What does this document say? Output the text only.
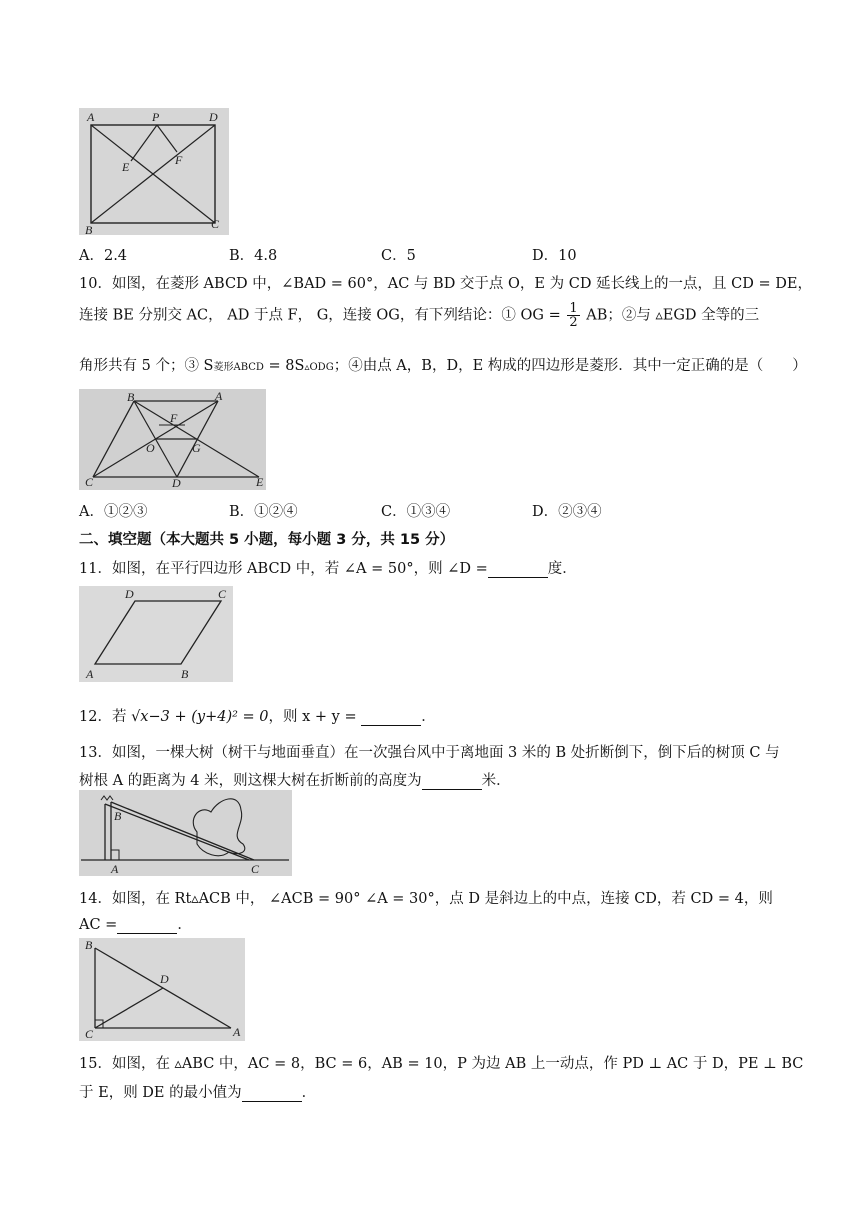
A	P	D
E	F
B	C
A．2.4	B．4.8	C．5	D．10
10．如图，在菱形 ABCD 中，∠BAD = 60°，AC 与 BD 交于点 O，E 为 CD 延长线上的一点，且 CD = DE，
连接 BE 分别交 AC， AD 于点 F， G，连接 OG，有下列结论：① OG = $\frac{1}{2}$ AB；②与 ▵EGD 全等的三
角形共有 5 个；③ S菱形ABCD = 8S▵ODG；④由点 A，B，D，E 构成的四边形是菱形．其中一定正确的是（　　）
B	A
F
O	G
C	D	E
A．①②③	B．①②④	C．①③④	D．②③④
二、填空题（本大题共 5 小题，每小题 3 分，共 15 分）
11．如图，在平行四边形 ABCD 中，若 ∠A = 50°，则 ∠D =	度．
D	C
A	B
12．若 √x−3 + (y+4)² = 0，则 x + y =	．
13．如图，一棵大树（树干与地面垂直）在一次强台风中于离地面 3 米的 B 处折断倒下，倒下后的树顶 C 与
树根 A 的距离为 4 米，则这棵大树在折断前的高度为	米．
B
A	C
14．如图，在 Rt▵ACB 中， ∠ACB = 90° ∠A = 30°，点 D 是斜边上的中点，连接 CD，若 CD = 4，则
AC =	．
B
D
C	A
15．如图，在 ▵ABC 中，AC = 8，BC = 6，AB = 10，P 为边 AB 上一动点，作 PD ⊥ AC 于 D，PE ⊥ BC
于 E，则 DE 的最小值为	．
